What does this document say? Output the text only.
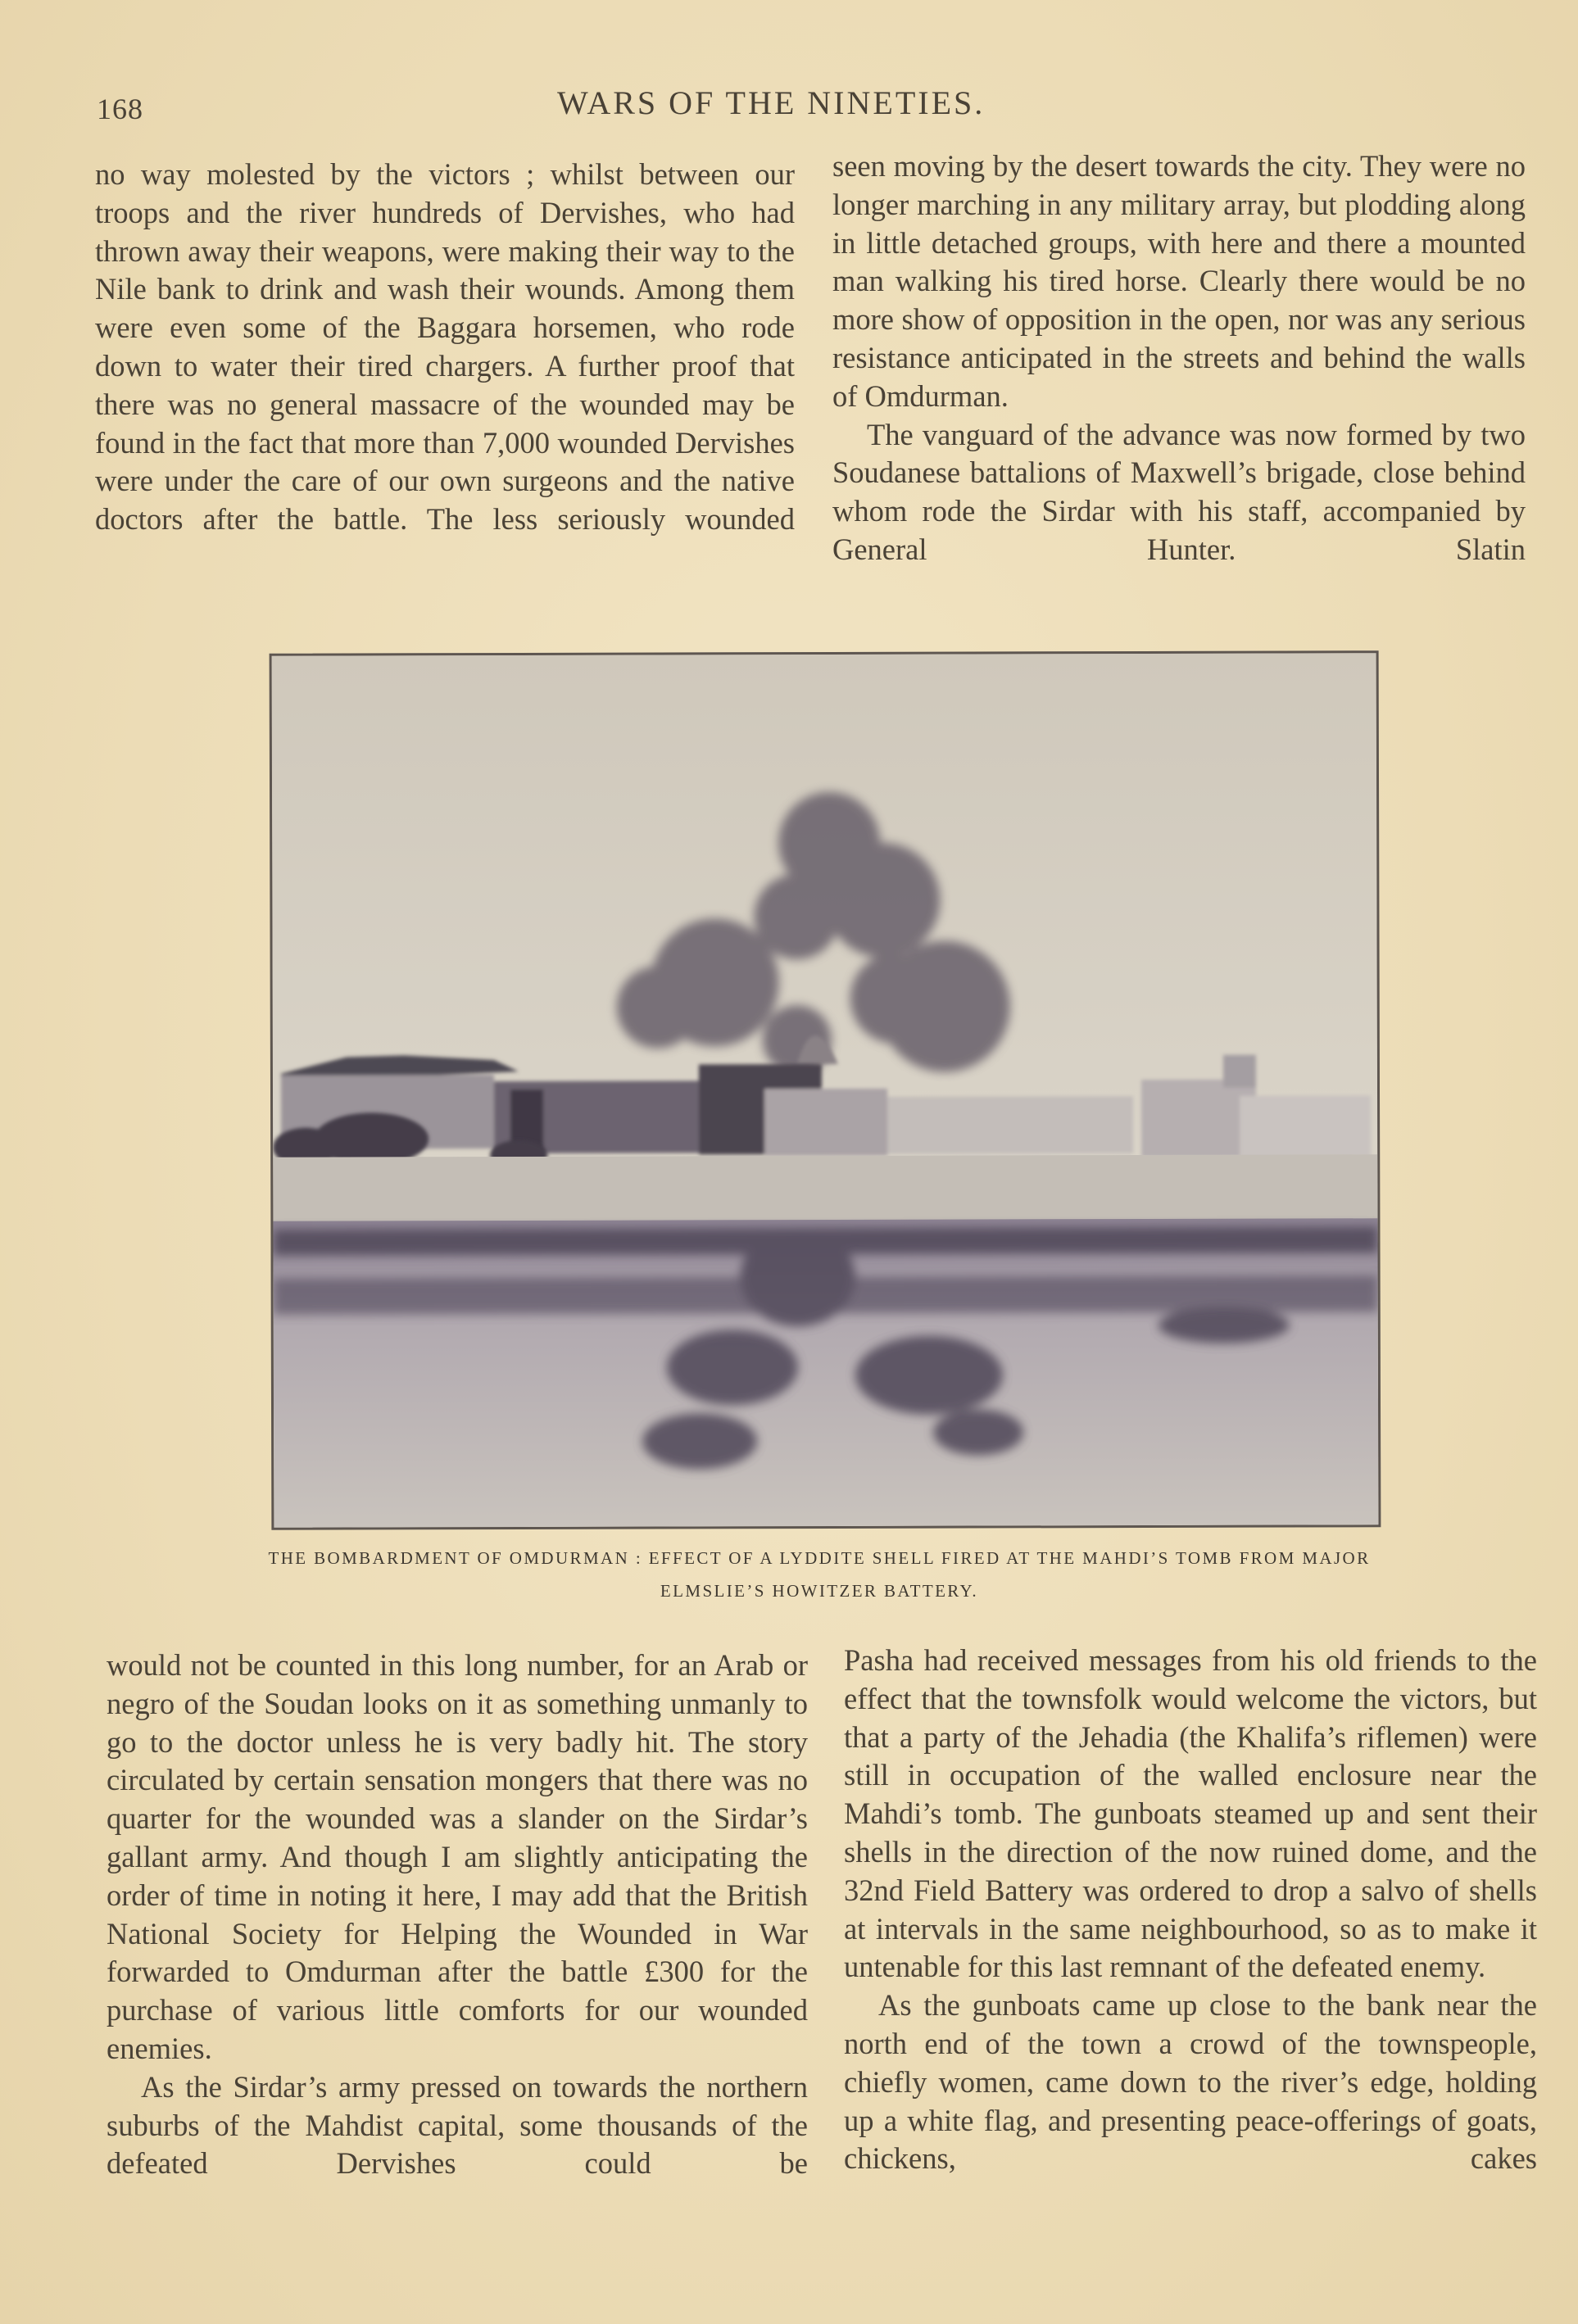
168	WARS OF THE NINETIES.

no way molested by the victors ; whilst between our troops and the river hundreds of Dervishes, who had thrown away their weapons, were making their way to the Nile bank to drink and wash their wounds. Among them were even some of the Baggara horsemen, who rode down to water their tired chargers. A further proof that there was no general massacre of the wounded may be found in the fact that more than 7,000 wounded Dervishes were under the care of our own surgeons and the native doctors after the battle. The less seriously wounded

seen moving by the desert towards the city. They were no longer marching in any military array, but plodding along in little detached groups, with here and there a mounted man walking his tired horse. Clearly there would be no more show of opposition in the open, nor was any serious resistance anticipated in the streets and behind the walls of Omdurman.

The vanguard of the advance was now formed by two Soudanese battalions of Maxwell’s brigade, close behind whom rode the Sirdar with his staff, accompanied by General Hunter. Slatin

THE BOMBARDMENT OF OMDURMAN : EFFECT OF A LYDDITE SHELL FIRED AT THE MAHDI’S TOMB FROM MAJOR
ELMSLIE’S HOWITZER BATTERY.

would not be counted in this long number, for an Arab or negro of the Soudan looks on it as something unmanly to go to the doctor unless he is very badly hit. The story circulated by certain sensation mongers that there was no quarter for the wounded was a slander on the Sirdar’s gallant army. And though I am slightly anticipating the order of time in noting it here, I may add that the British National Society for Helping the Wounded in War forwarded to Omdurman after the battle £300 for the purchase of various little comforts for our wounded enemies.

As the Sirdar’s army pressed on towards the northern suburbs of the Mahdist capital, some thousands of the defeated Dervishes could be

Pasha had received messages from his old friends to the effect that the townsfolk would welcome the victors, but that a party of the Jehadia (the Khalifa’s riflemen) were still in occupation of the walled enclosure near the Mahdi’s tomb. The gunboats steamed up and sent their shells in the direction of the now ruined dome, and the 32nd Field Battery was ordered to drop a salvo of shells at intervals in the same neighbourhood, so as to make it untenable for this last remnant of the defeated enemy.

As the gunboats came up close to the bank near the north end of the town a crowd of the townspeople, chiefly women, came down to the river’s edge, holding up a white flag, and presenting peace-offerings of goats, chickens, cakes
